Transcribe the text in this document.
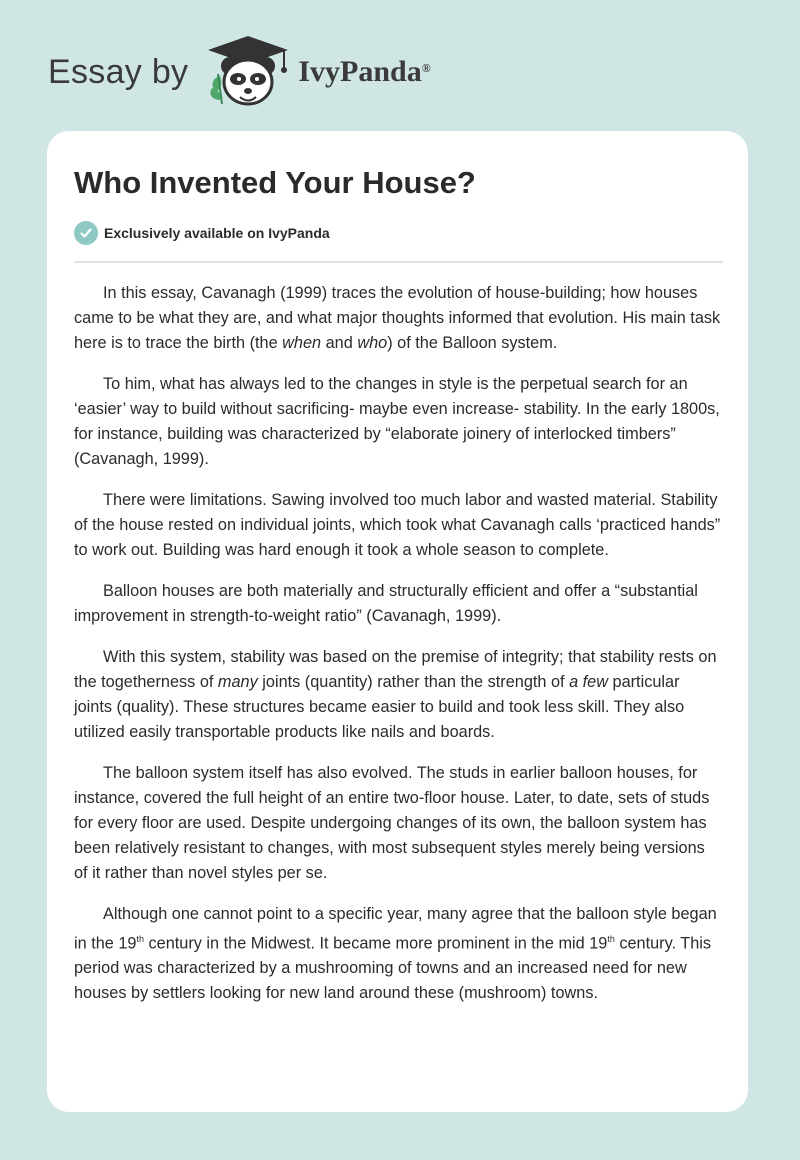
Essay by	IvyPanda®
Who Invented Your House?
Exclusively available on IvyPanda

In this essay, Cavanagh (1999) traces the evolution of house-building; how houses came to be what they are, and what major thoughts informed that evolution. His main task here is to trace the birth (the when and who) of the Balloon system.

To him, what has always led to the changes in style is the perpetual search for an ‘easier’ way to build without sacrificing- maybe even increase- stability. In the early 1800s, for instance, building was characterized by “elaborate joinery of interlocked timbers” (Cavanagh, 1999).

There were limitations. Sawing involved too much labor and wasted material. Stability of the house rested on individual joints, which took what Cavanagh calls ‘practiced hands” to work out. Building was hard enough it took a whole season to complete.

Balloon houses are both materially and structurally efficient and offer a “substantial improvement in strength-to-weight ratio” (Cavanagh, 1999).

With this system, stability was based on the premise of integrity; that stability rests on the togetherness of many joints (quantity) rather than the strength of a few particular joints (quality). These structures became easier to build and took less skill. They also utilized easily transportable products like nails and boards.

The balloon system itself has also evolved. The studs in earlier balloon houses, for instance, covered the full height of an entire two-floor house. Later, to date, sets of studs for every floor are used. Despite undergoing changes of its own, the balloon system has been relatively resistant to changes, with most subsequent styles merely being versions of it rather than novel styles per se.

Although one cannot point to a specific year, many agree that the balloon style began in the 19th century in the Midwest. It became more prominent in the mid 19th century. This period was characterized by a mushrooming of towns and an increased need for new houses by settlers looking for new land around these (mushroom) towns.
